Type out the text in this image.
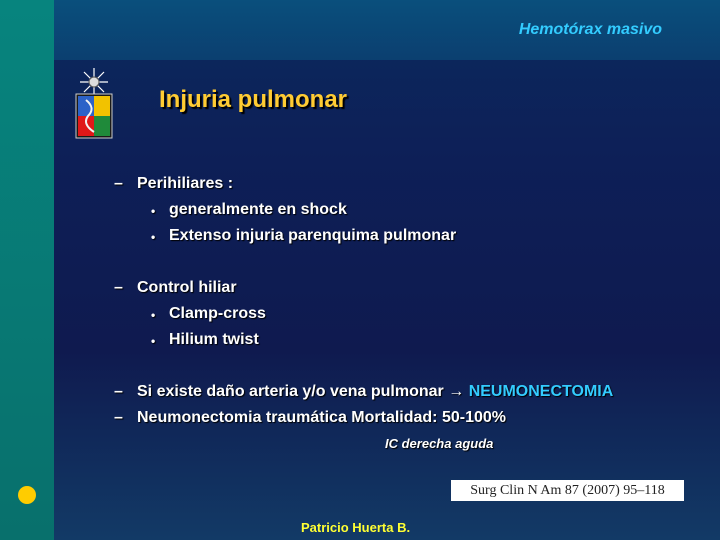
Hemotórax masivo
Injuria pulmonar
– Perihiliares :
• generalmente en shock
• Extenso injuria parenquima pulmonar
– Control hiliar
• Clamp-cross
• Hilium twist
– Si existe daño arteria y/o vena pulmonar → NEUMONECTOMIA
– Neumonectomia traumática Mortalidad: 50-100%
IC derecha aguda
Surg Clin N Am 87 (2007) 95–118
Patricio Huerta B.
